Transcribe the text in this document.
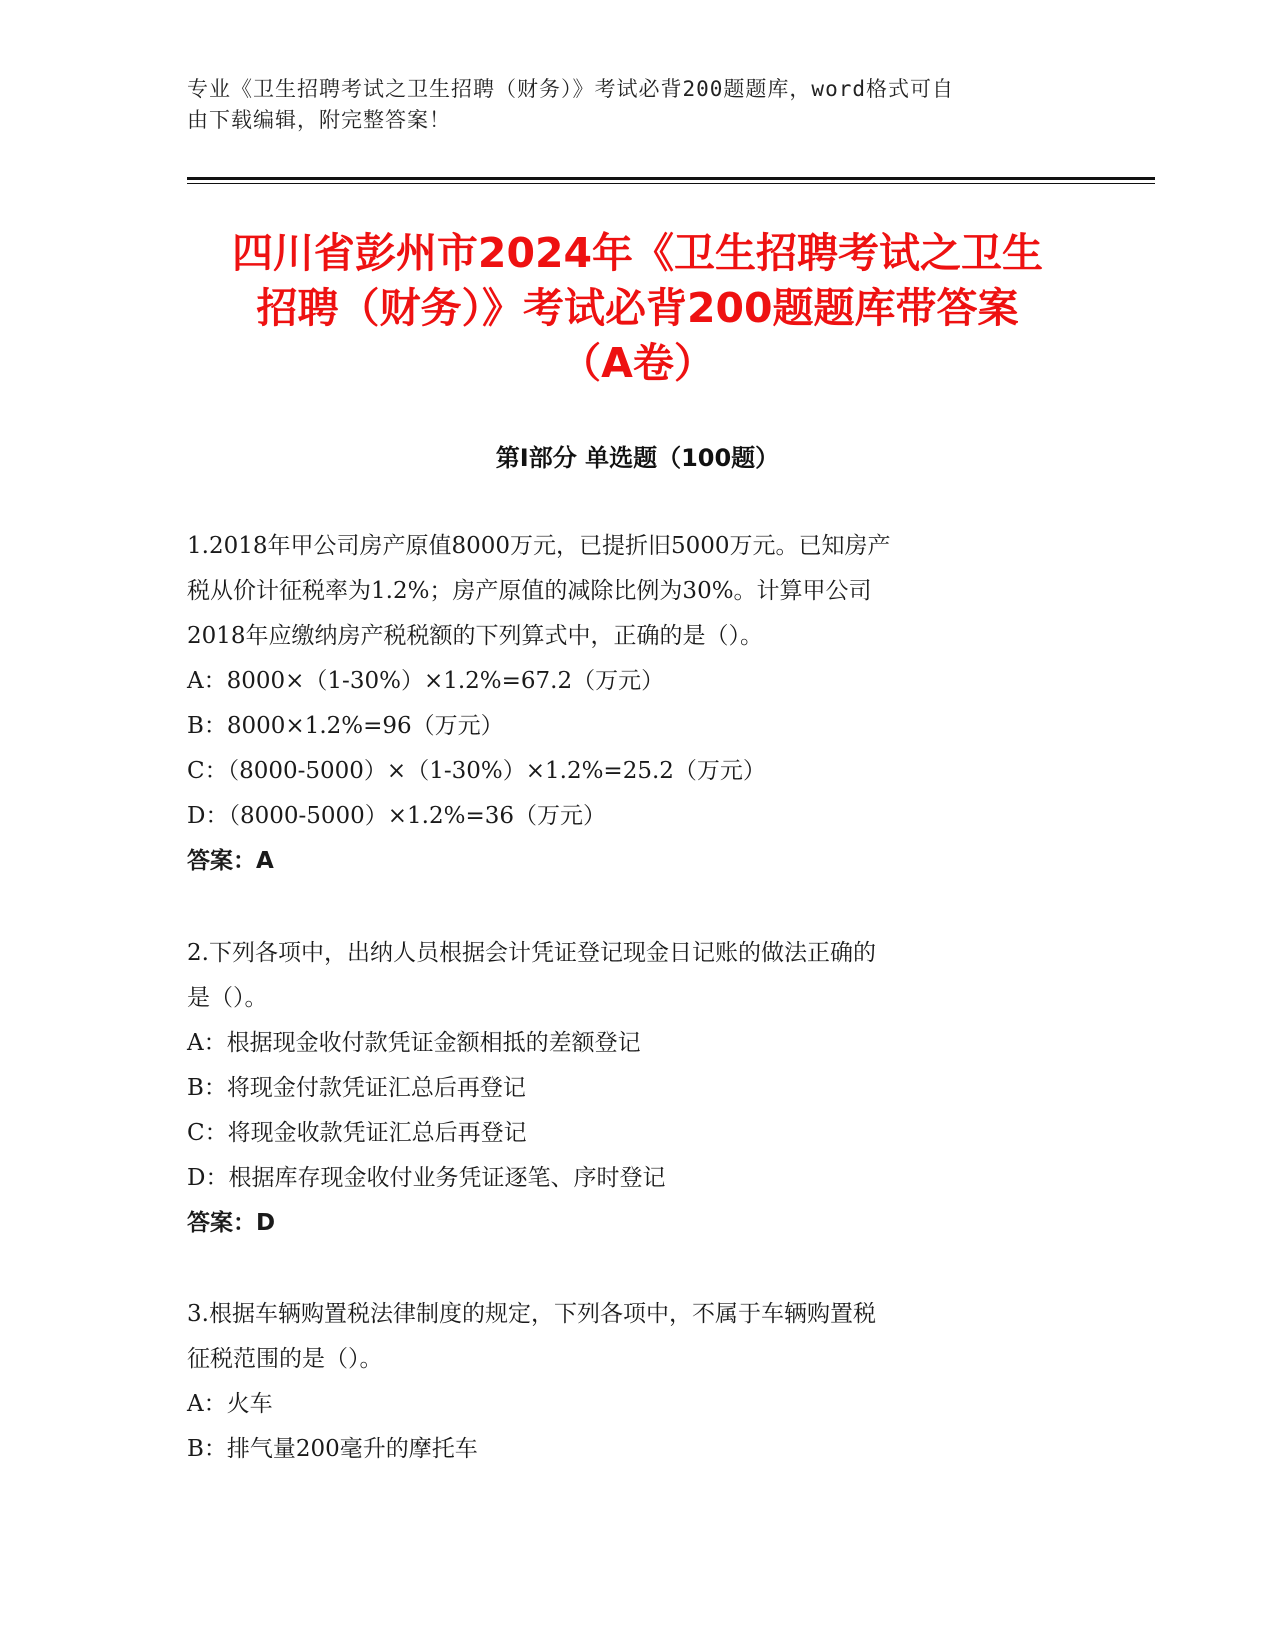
专业《卫生招聘考试之卫生招聘（财务）》考试必背200题题库，word格式可自
由下载编辑，附完整答案！
四川省彭州市2024年《卫生招聘考试之卫生
招聘（财务）》考试必背200题题库带答案
（A卷）
第I部分 单选题（100题）
1.2018年甲公司房产原值8000万元，已提折旧5000万元。已知房产
税从价计征税率为1.2%；房产原值的减除比例为30%。计算甲公司
2018年应缴纳房产税税额的下列算式中，正确的是（）。
A：8000×（1-30%）×1.2%=67.2（万元）
B：8000×1.2%=96（万元）
C：（8000-5000）×（1-30%）×1.2%=25.2（万元）
D：（8000-5000）×1.2%=36（万元）
答案：A
2.下列各项中，出纳人员根据会计凭证登记现金日记账的做法正确的
是（）。
A：根据现金收付款凭证金额相抵的差额登记
B：将现金付款凭证汇总后再登记
C：将现金收款凭证汇总后再登记
D：根据库存现金收付业务凭证逐笔、序时登记
答案：D
3.根据车辆购置税法律制度的规定，下列各项中，不属于车辆购置税
征税范围的是（）。
A：火车
B：排气量200毫升的摩托车
